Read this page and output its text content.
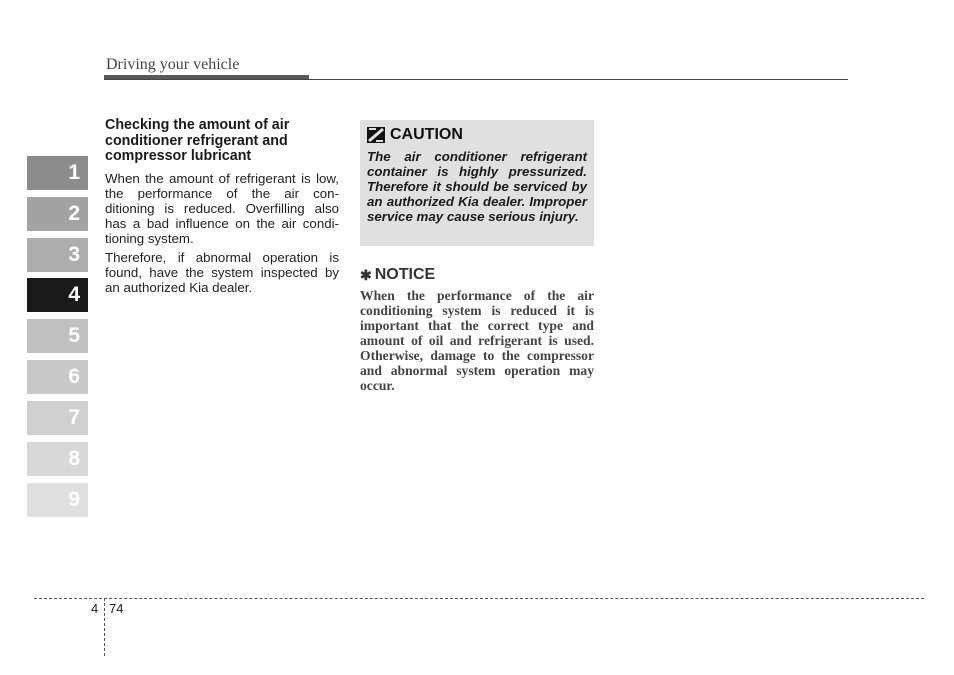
Driving your vehicle
1
2
3
4
5
6
7
8
9
Checking the amount of air conditioner refrigerant and compressor lubricant

When the amount of refrigerant is low, the performance of the air con- ditioning is reduced. Overfilling also has a bad influence on the air condi- tioning system.

Therefore, if abnormal operation is found, have the system inspected by an authorized Kia dealer.

CAUTION
The air conditioner refrigerant container is highly pressurized. Therefore it should be serviced by an authorized Kia dealer. Improper service may cause serious injury.
✱ NOTICE
When the performance of the air conditioning system is reduced it is important that the correct type and amount of oil and refrigerant is used. Otherwise, damage to the compressor and abnormal system operation may occur.
4 74
